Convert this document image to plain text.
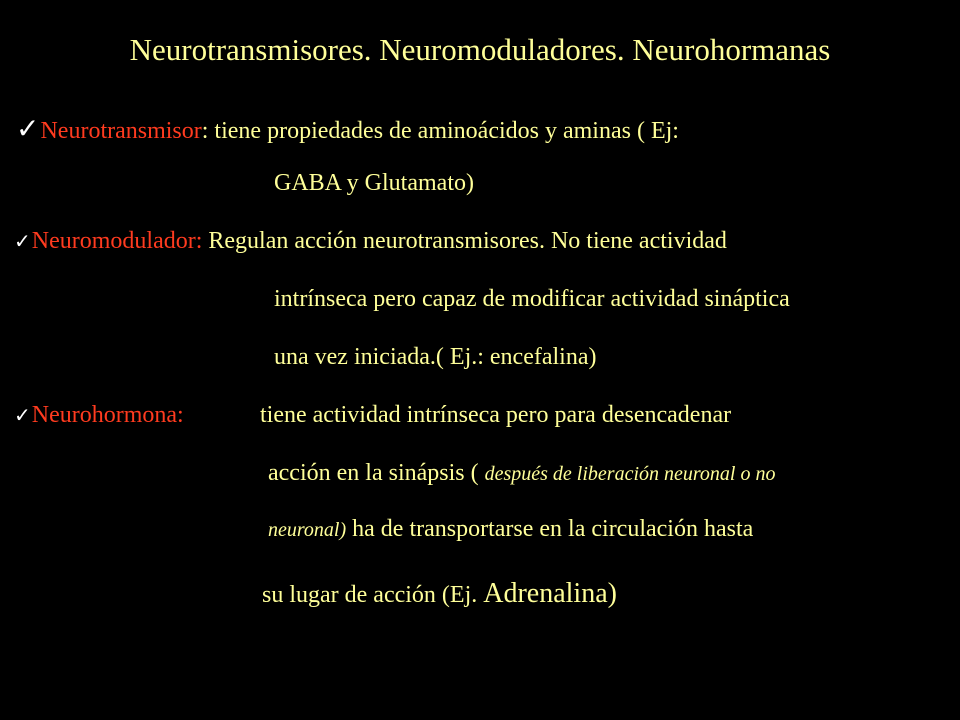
Neurotransmisores. Neuromoduladores. Neurohormanas
✓Neurotransmisor: tiene propiedades de aminoácidos y aminas ( Ej:
GABA y Glutamato)
✓Neuromodulador: Regulan acción neurotransmisores. No tiene actividad
intrínseca pero capaz de modificar actividad sináptica
una vez iniciada.( Ej.: encefalina)
✓Neurohormona:	tiene actividad intrínseca pero para desencadenar
acción en la sinápsis ( después de liberación neuronal o no
neuronal) ha de transportarse en la circulación hasta
su lugar de acción (Ej. Adrenalina)
